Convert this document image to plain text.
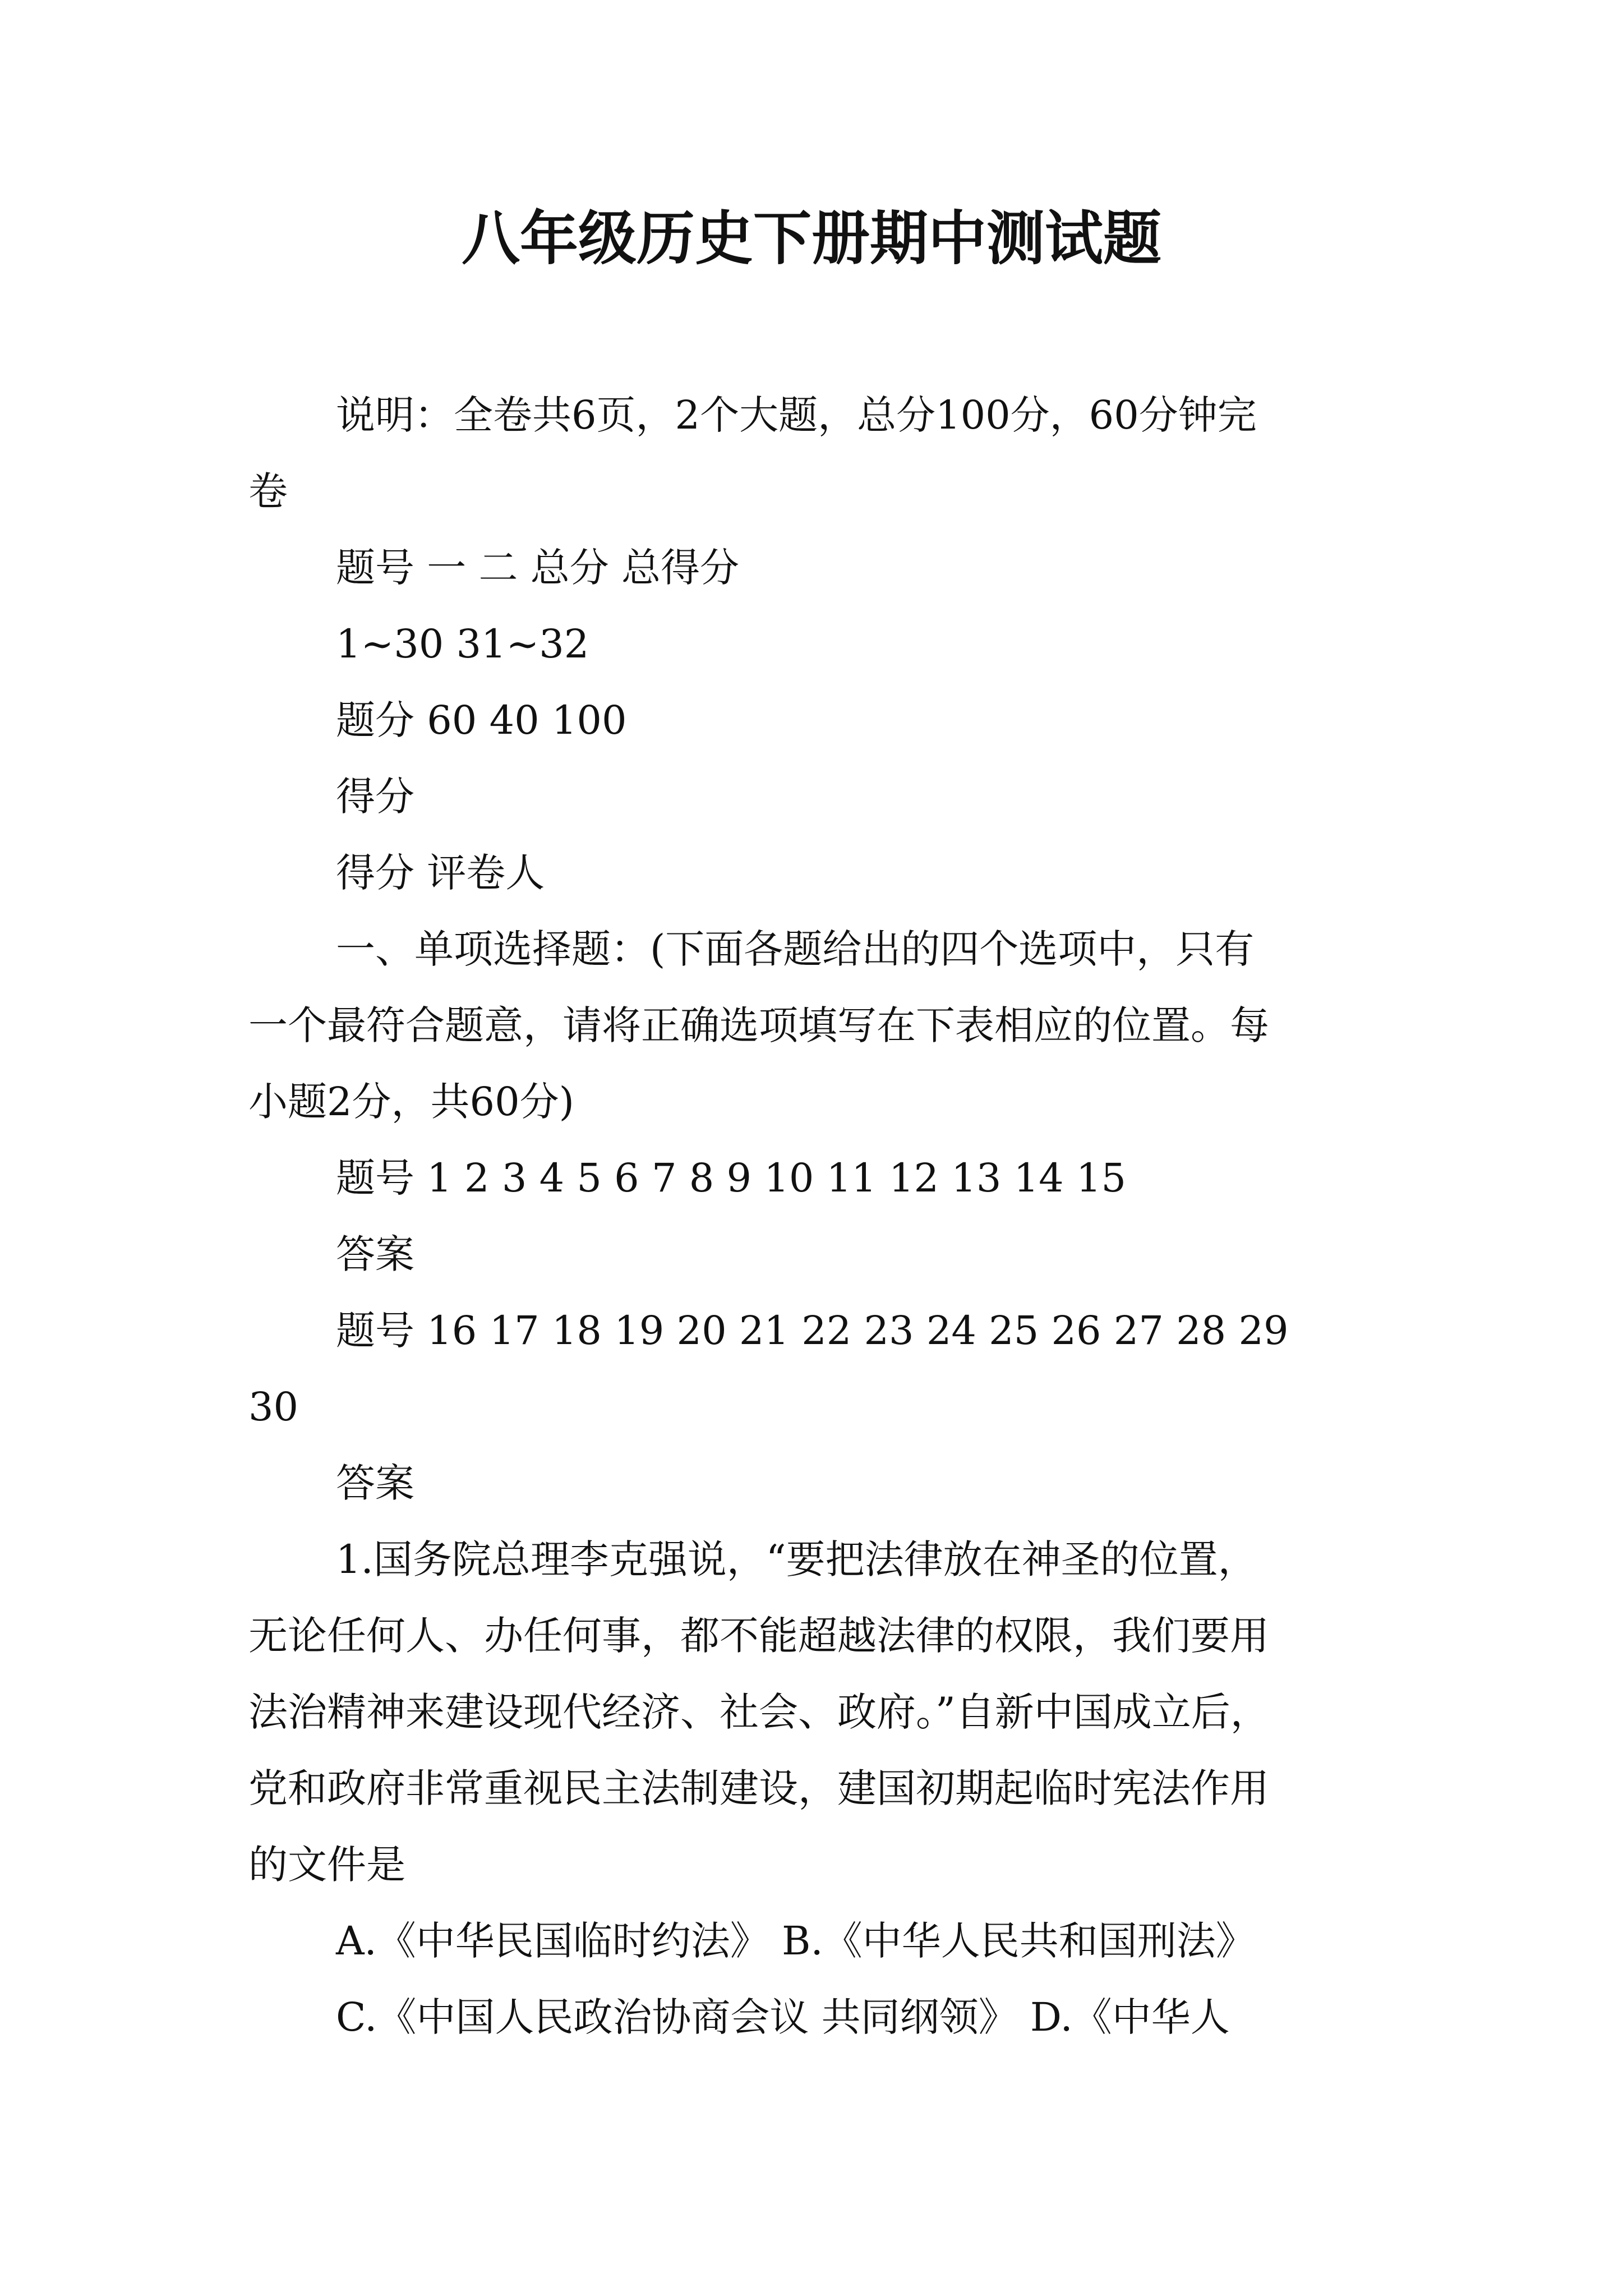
八年级历史下册期中测试题
说明：全卷共6页，2个大题，总分100分，60分钟完
卷
题号 一 二 总分 总得分
1~30 31~32
题分 60 40 100
得分
得分 评卷人
一、单项选择题：(下面各题给出的四个选项中，只有
一个最符合题意，请将正确选项填写在下表相应的位置。每
小题2分，共60分)
题号 1 2 3 4 5 6 7 8 9 10 11 12 13 14 15
答案
题号 16 17 18 19 20 21 22 23 24 25 26 27 28 29
30
答案
1.国务院总理李克强说，“要把法律放在神圣的位置，
无论任何人、办任何事，都不能超越法律的权限，我们要用
法治精神来建设现代经济、社会、政府。”自新中国成立后，
党和政府非常重视民主法制建设，建国初期起临时宪法作用
的文件是
A.《中华民国临时约法》 B.《中华人民共和国刑法》
C.《中国人民政治协商会议 共同纲领》 D.《中华人
